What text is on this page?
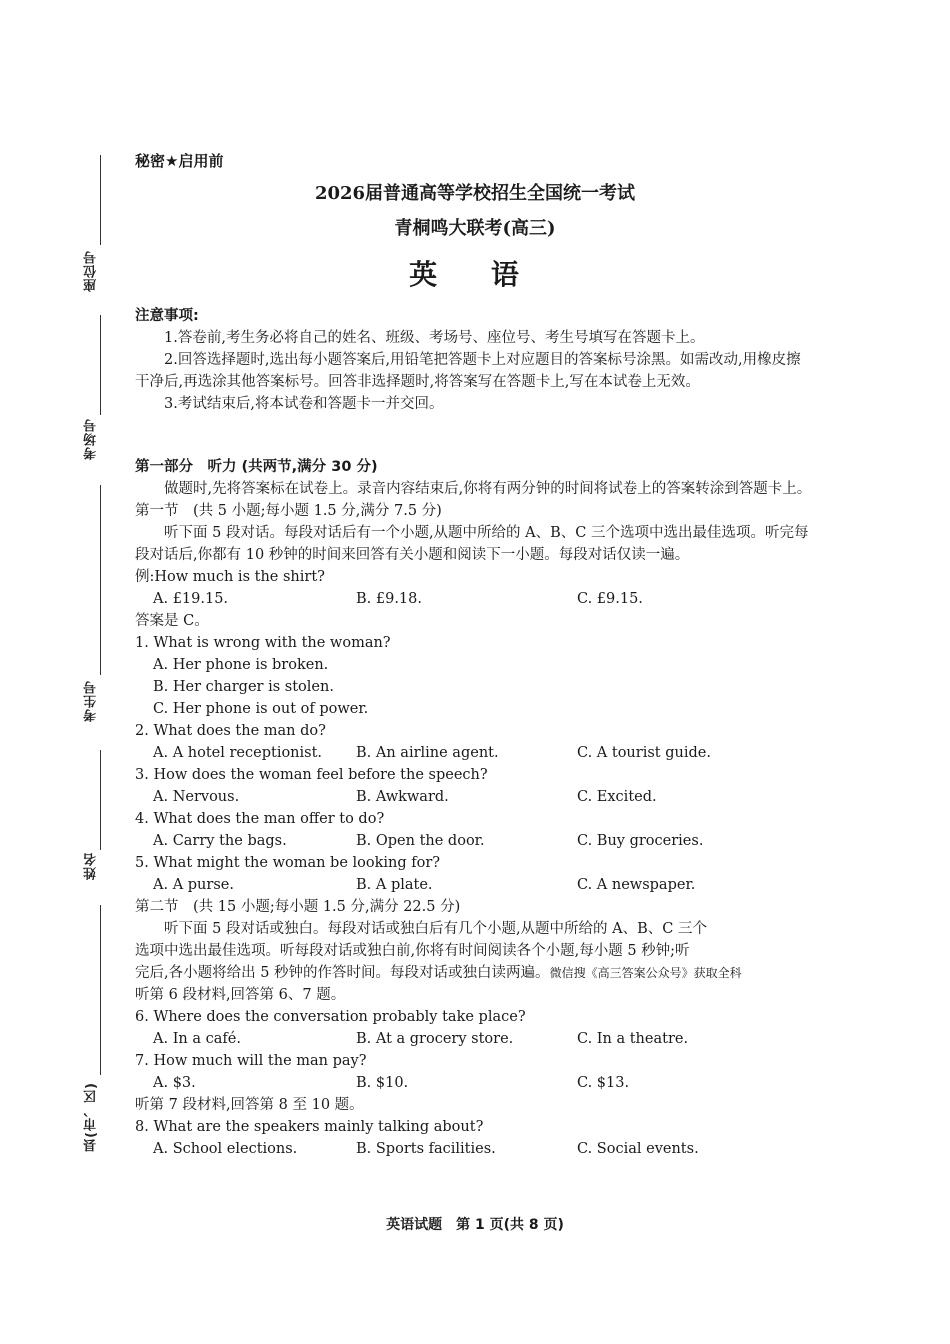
座位号
考场号
考生号
姓名
县(市、区)
秘密★启用前
2026届普通高等学校招生全国统一考试
青桐鸣大联考(高三)
英 语
注意事项:
1.答卷前,考生务必将自己的姓名、班级、考场号、座位号、考生号填写在答题卡上。
2.回答选择题时,选出每小题答案后,用铅笔把答题卡上对应题目的答案标号涂黑。如需改动,用橡皮擦干净后,再选涂其他答案标号。回答非选择题时,将答案写在答题卡上,写在本试卷上无效。
3.考试结束后,将本试卷和答题卡一并交回。
第一部分　听力 (共两节,满分 30 分)
做题时,先将答案标在试卷上。录音内容结束后,你将有两分钟的时间将试卷上的答案转涂到答题卡上。
第一节　(共 5 小题;每小题 1.5 分,满分 7.5 分)
听下面 5 段对话。每段对话后有一个小题,从题中所给的 A、B、C 三个选项中选出最佳选项。听完每段对话后,你都有 10 秒钟的时间来回答有关小题和阅读下一小题。每段对话仅读一遍。
例:How much is the shirt?
A. £19.15.	B. £9.18.	C. £9.15.
答案是 C。
1. What is wrong with the woman?
A. Her phone is broken.
B. Her charger is stolen.
C. Her phone is out of power.
2. What does the man do?
A. A hotel receptionist.	B. An airline agent.	C. A tourist guide.
3. How does the woman feel before the speech?
A. Nervous.	B. Awkward.	C. Excited.
4. What does the man offer to do?
A. Carry the bags.	B. Open the door.	C. Buy groceries.
5. What might the woman be looking for?
A. A purse.	B. A plate.	C. A newspaper.
第二节　(共 15 小题;每小题 1.5 分,满分 22.5 分)
听下面 5 段对话或独白。每段对话或独白后有几个小题,从题中所给的 A、B、C 三个
选项中选出最佳选项。听每段对话或独白前,你将有时间阅读各个小题,每小题 5 秒钟;听
完后,各小题将给出 5 秒钟的作答时间。每段对话或独白读两遍。微信搜《高三答案公众号》获取全科
听第 6 段材料,回答第 6、7 题。
6. Where does the conversation probably take place?
A. In a café.	B. At a grocery store.	C. In a theatre.
7. How much will the man pay?
A. $3.	B. $10.	C. $13.
听第 7 段材料,回答第 8 至 10 题。
8. What are the speakers mainly talking about?
A. School elections.	B. Sports facilities.	C. Social events.
英语试题　第 1 页(共 8 页)
